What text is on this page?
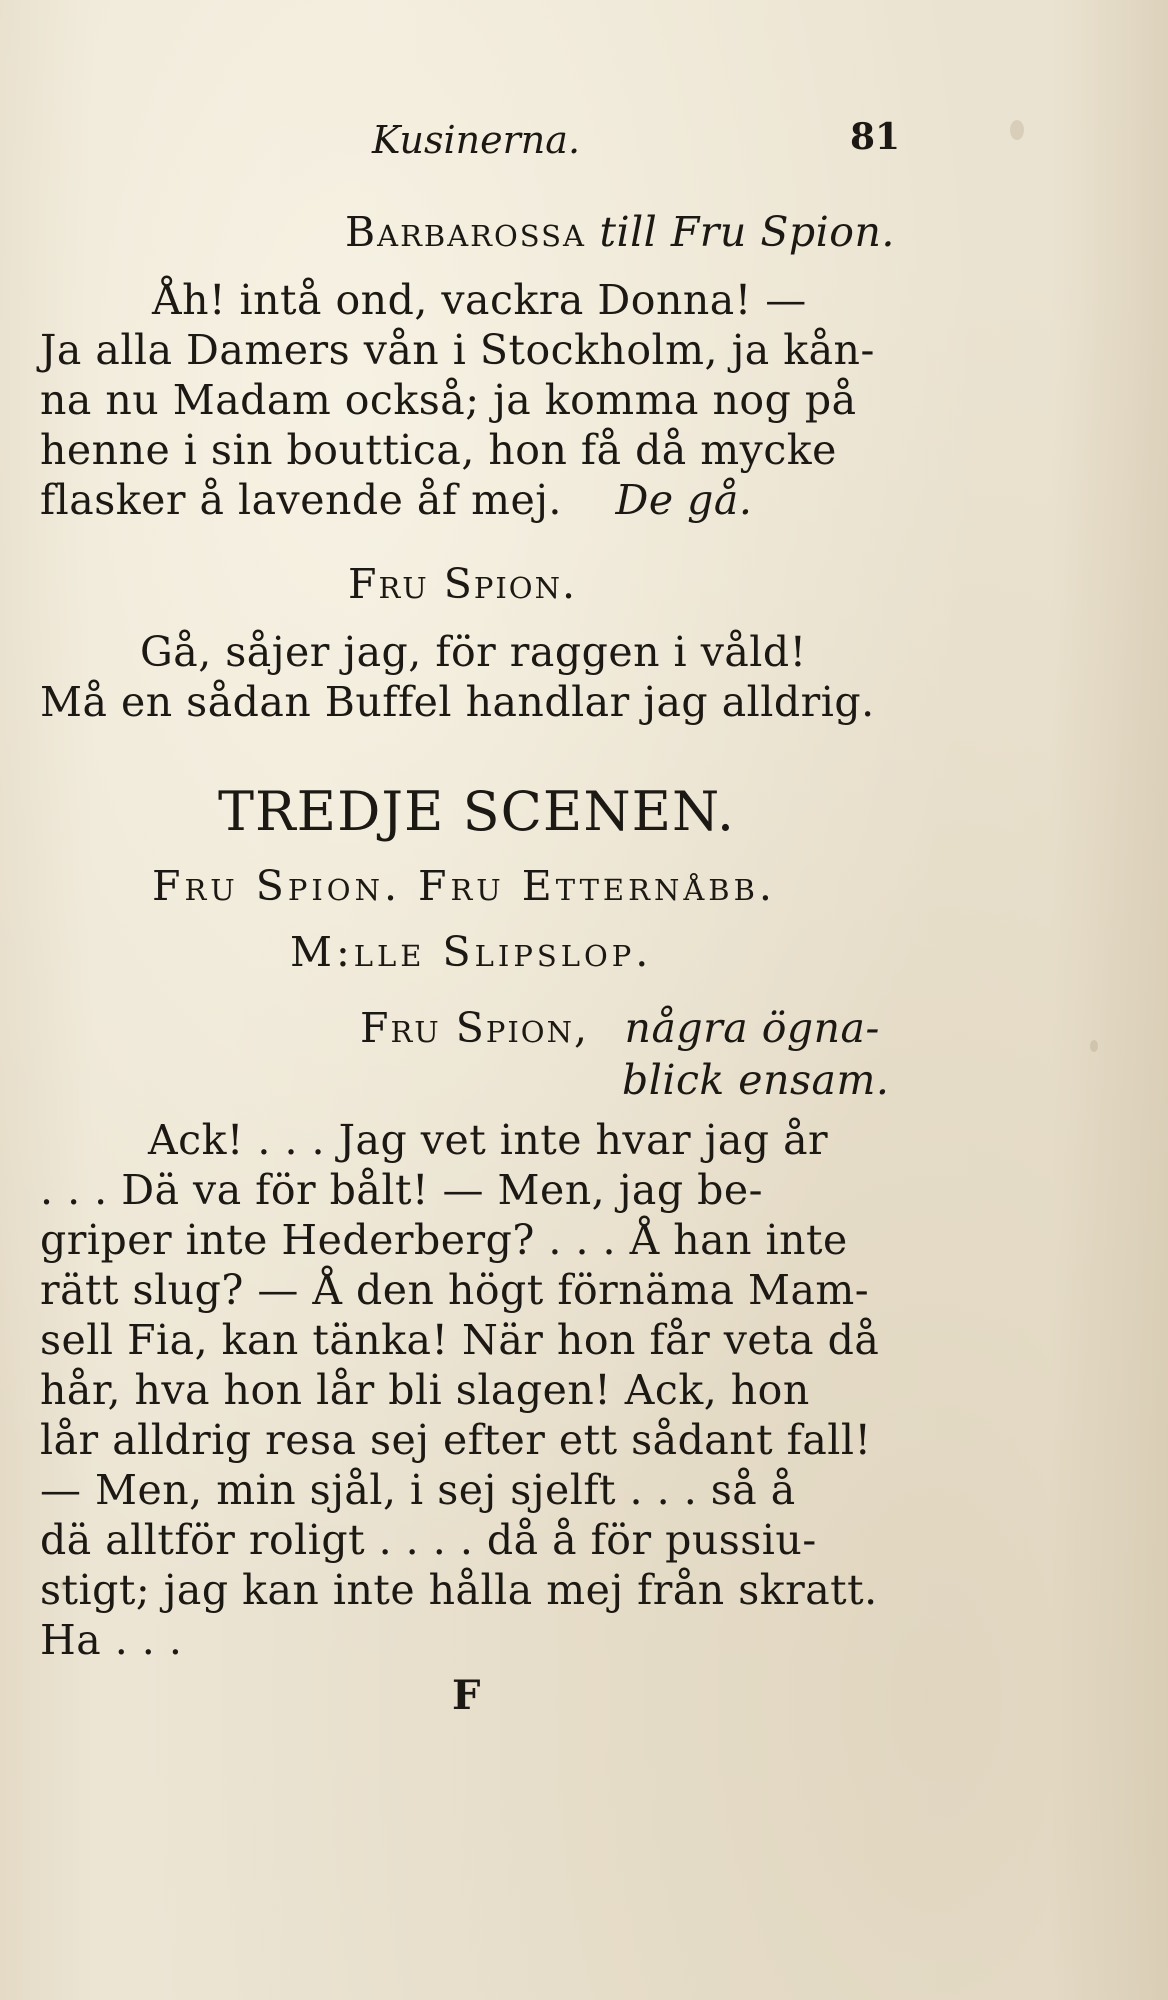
Kusinerna.	81
Barbarossa till Fru Spion.
Åh! intå ond, vackra Donna! —
Ja alla Damers vån i Stockholm, ja kån-
na nu Madam också; ja komma nog på
henne i sin bouttica, hon få då mycke
flasker å lavende åf mej. De gå.
Fru Spion.
Gå, såjer jag, för raggen i våld!
Må en sådan Buffel handlar jag alldrig.
TREDJE SCENEN.
Fru Spion. Fru Etternåbb.
M:lle Slipslop.
Fru Spion, några ögna-
blick ensam.
Ack! . . . Jag vet inte hvar jag år
. . . Dä va för bålt! — Men, jag be-
griper inte Hederberg? . . . Å han inte
rätt slug? — Å den högt förnäma Mam-
sell Fia, kan tänka! När hon får veta då
hår, hva hon lår bli slagen! Ack, hon
lår alldrig resa sej efter ett sådant fall!
— Men, min sjål, i sej sjelft . . . så å
dä alltför roligt . . . . då å för pussiu-
stigt; jag kan inte hålla mej från skratt.
Ha . . .
F
